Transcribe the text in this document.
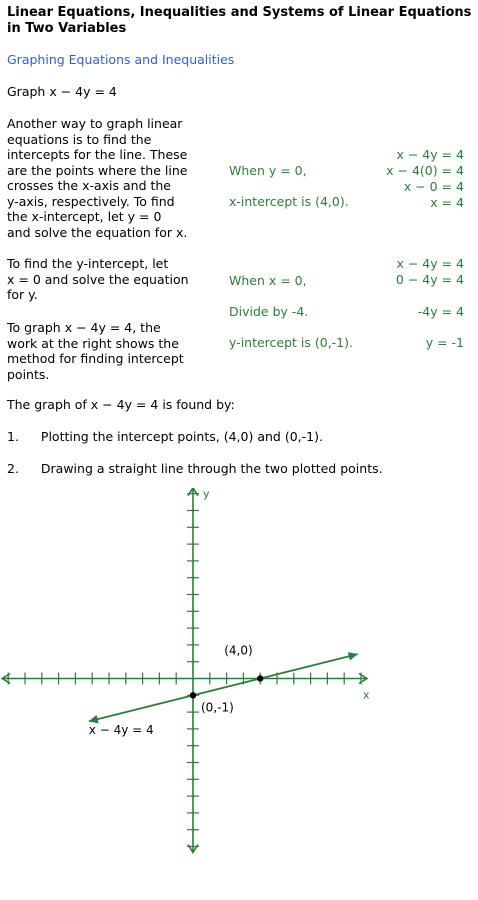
Linear Equations, Inequalities and Systems of Linear Equations
in Two Variables
Graphing Equations and Inequalities
Graph x − 4y = 4
Another way to graph linear
equations is to find the
intercepts for the line. These
are the points where the line
crosses the x-axis and the
y-axis, respectively. To find
the x-intercept, let y = 0
and solve the equation for x.
When y = 0,
x-intercept is (4,0).
x − 4y = 4
x − 4(0) = 4
x − 0 = 4
x = 4
To find the y-intercept, let
x = 0 and solve the equation
for y.
When x = 0,
x − 4y = 4
0 − 4y = 4
Divide by -4.	-4y = 4
To graph x − 4y = 4, the
work at the right shows the
method for finding intercept
points.
y-intercept is (0,-1).	y = -1
The graph of x − 4y = 4 is found by:
1. Plotting the intercept points, (4,0) and (0,-1).
2. Drawing a straight line through the two plotted points.
x
y
(4,0)
(0,-1)
x − 4y = 4
